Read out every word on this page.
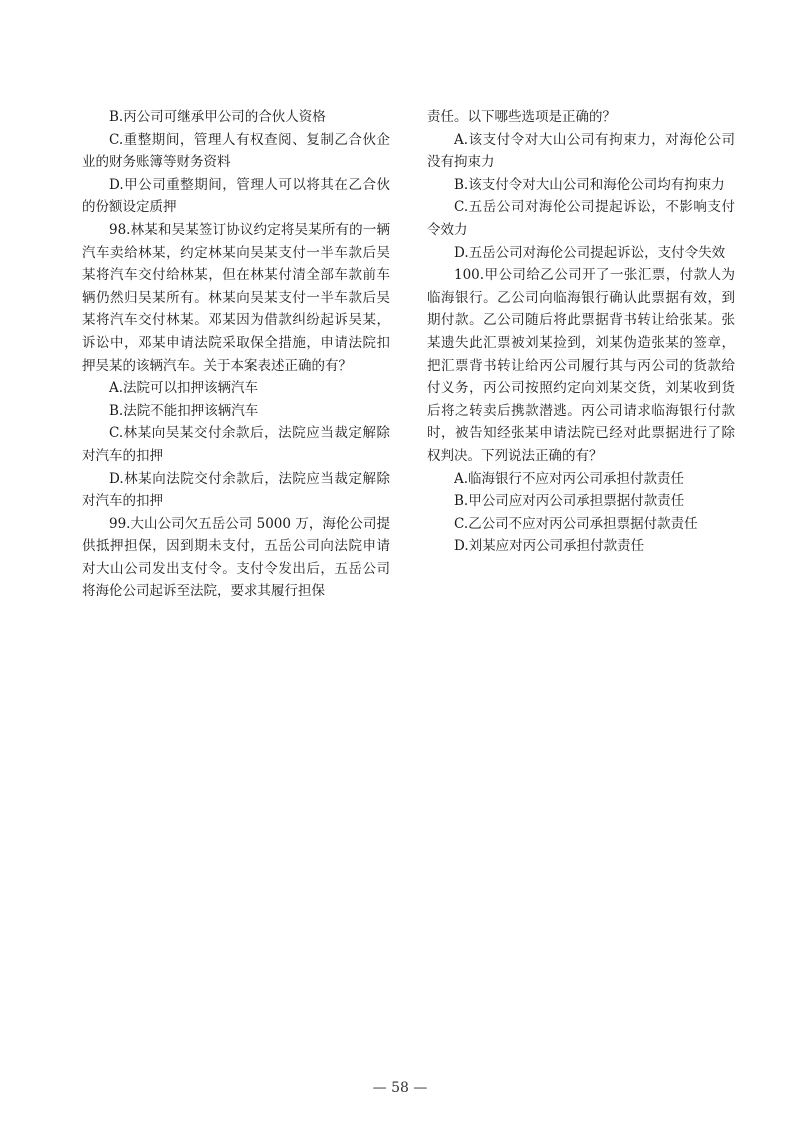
B.丙公司可继承甲公司的合伙人资格

C.重整期间，管理人有权查阅、复制乙合伙企业的财务账簿等财务资料

D.甲公司重整期间，管理人可以将其在乙合伙的份额设定质押

98.林某和吴某签订协议约定将吴某所有的一辆汽车卖给林某，约定林某向吴某支付一半车款后吴某将汽车交付给林某，但在林某付清全部车款前车辆仍然归吴某所有。林某向吴某支付一半车款后吴某将汽车交付林某。邓某因为借款纠纷起诉吴某，诉讼中，邓某申请法院采取保全措施，申请法院扣押吴某的该辆汽车。关于本案表述正确的有？

A.法院可以扣押该辆汽车

B.法院不能扣押该辆汽车

C.林某向吴某交付余款后，法院应当裁定解除对汽车的扣押

D.林某向法院交付余款后，法院应当裁定解除对汽车的扣押

99.大山公司欠五岳公司 5000 万，海伦公司提供抵押担保，因到期未支付，五岳公司向法院申请对大山公司发出支付令。支付令发出后，五岳公司将海伦公司起诉至法院，要求其履行担保

责任。以下哪些选项是正确的？

A.该支付令对大山公司有拘束力，对海伦公司没有拘束力

B.该支付令对大山公司和海伦公司均有拘束力

C.五岳公司对海伦公司提起诉讼，不影响支付令效力

D.五岳公司对海伦公司提起诉讼，支付令失效

100.甲公司给乙公司开了一张汇票，付款人为临海银行。乙公司向临海银行确认此票据有效，到期付款。乙公司随后将此票据背书转让给张某。张某遗失此汇票被刘某捡到，刘某伪造张某的签章，把汇票背书转让给丙公司履行其与丙公司的货款给付义务，丙公司按照约定向刘某交货，刘某收到货后将之转卖后携款潜逃。丙公司请求临海银行付款时，被告知经张某申请法院已经对此票据进行了除权判决。下列说法正确的有？

A.临海银行不应对丙公司承担付款责任

B.甲公司应对丙公司承担票据付款责任

C.乙公司不应对丙公司承担票据付款责任

D.刘某应对丙公司承担付款责任

— 58 —
